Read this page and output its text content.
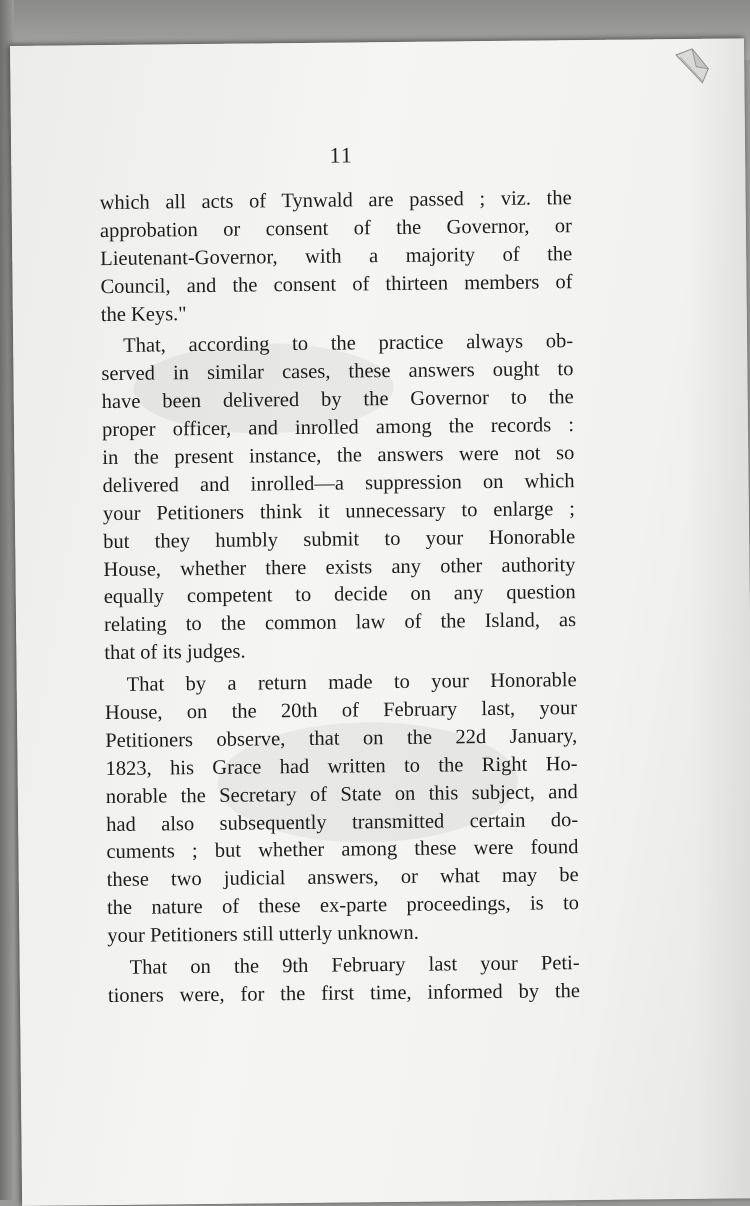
11
which all acts of Tynwald are passed ; viz. the
approbation or consent of the Governor, or
Lieutenant-Governor, with a majority of the
Council, and the consent of thirteen members of
the Keys."
That, according to the practice always ob-
served in similar cases, these answers ought to
have been delivered by the Governor to the
proper officer, and inrolled among the records :
in the present instance, the answers were not so
delivered and inrolled—a suppression on which
your Petitioners think it unnecessary to enlarge ;
but they humbly submit to your Honorable
House, whether there exists any other authority
equally competent to decide on any question
relating to the common law of the Island, as
that of its judges.
That by a return made to your Honorable
House, on the 20th of February last, your
Petitioners observe, that on the 22d January,
1823, his Grace had written to the Right Ho-
norable the Secretary of State on this subject, and
had also subsequently transmitted certain do-
cuments ; but whether among these were found
these two judicial answers, or what may be
the nature of these ex-parte proceedings, is to
your Petitioners still utterly unknown.
That on the 9th February last your Peti-
tioners were, for the first time, informed by the
